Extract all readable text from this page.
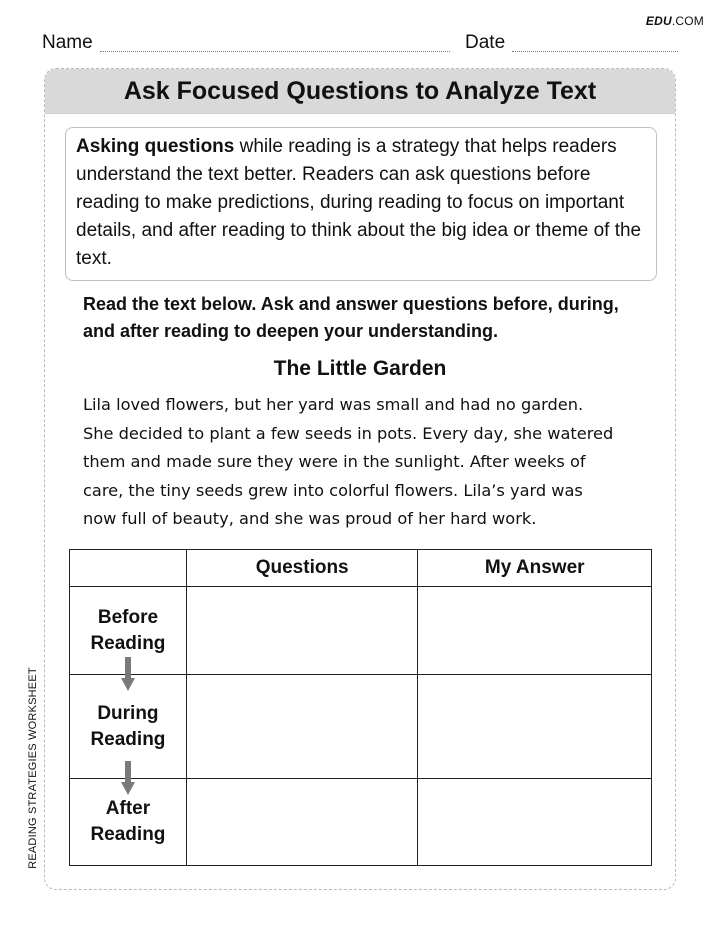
EDU.COM
Name	Date
Ask Focused Questions to Analyze Text
Asking questions while reading is a strategy that helps readers understand the text better. Readers can ask questions before reading to make predictions, during reading to focus on important details, and after reading to think about the big idea or theme of the text.
Read the text below. Ask and answer questions before, during, and after reading to deepen your understanding.
The Little Garden
Lila loved flowers, but her yard was small and had no garden.
She decided to plant a few seeds in pots. Every day, she watered
them and made sure they were in the sunlight. After weeks of
care, the tiny seeds grew into colorful flowers. Lila’s yard was
now full of beauty, and she was proud of her hard work.
	Questions	My Answer

Before
Reading		

During
Reading		

After
Reading		

READING STRATEGIES WORKSHEET
